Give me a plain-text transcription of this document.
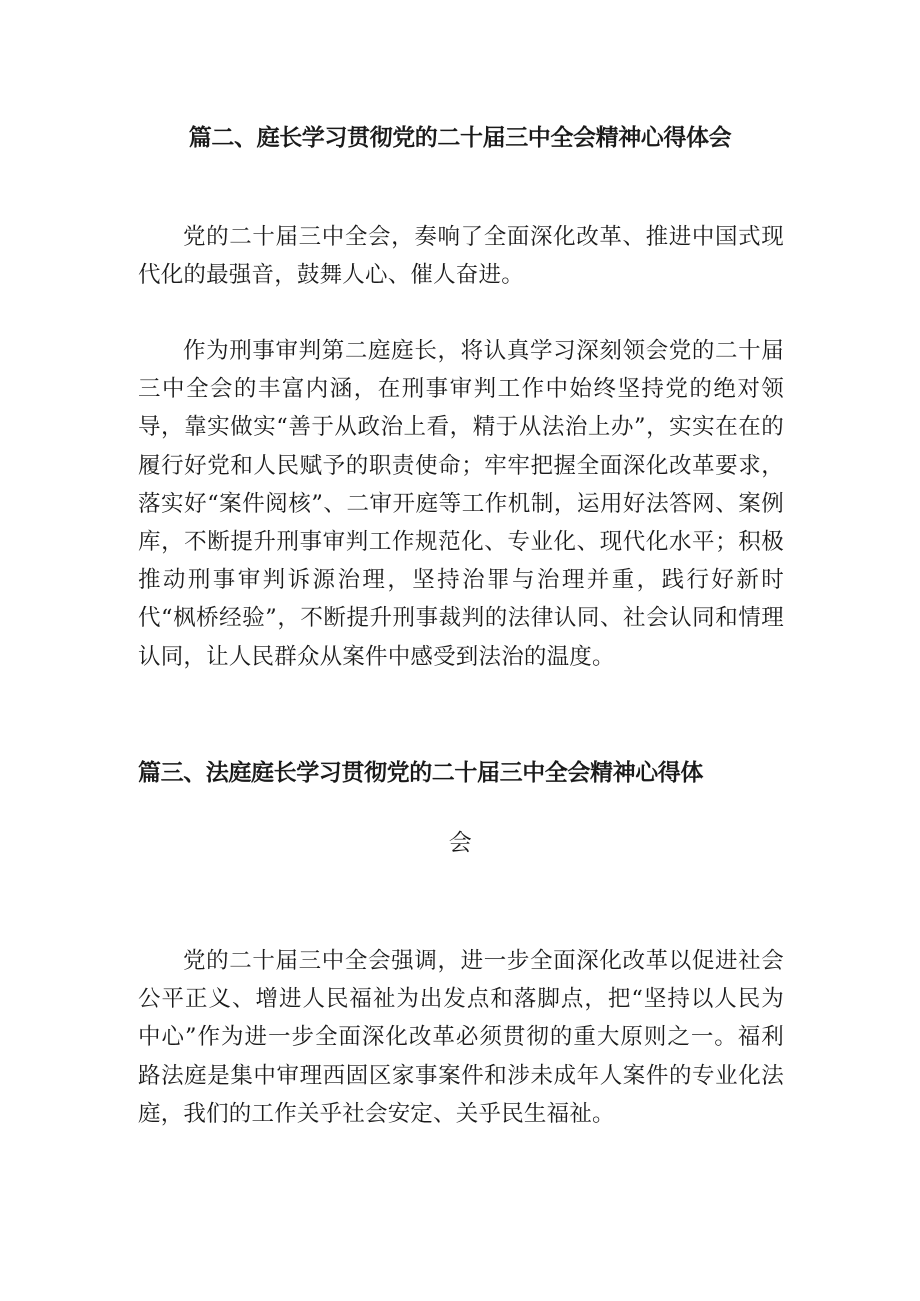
篇二、庭长学习贯彻党的二十届三中全会精神心得体会

党的二十届三中全会，奏响了全面深化改革、推进中国式现代化的最强音，鼓舞人心、催人奋进。

作为刑事审判第二庭庭长，将认真学习深刻领会党的二十届三中全会的丰富内涵，在刑事审判工作中始终坚持党的绝对领导，靠实做实“善于从政治上看，精于从法治上办”，实实在在的履行好党和人民赋予的职责使命；牢牢把握全面深化改革要求，落实好“案件阅核”、二审开庭等工作机制，运用好法答网、案例库，不断提升刑事审判工作规范化、专业化、现代化水平；积极推动刑事审判诉源治理，坚持治罪与治理并重，践行好新时代“枫桥经验”，不断提升刑事裁判的法律认同、社会认同和情理认同，让人民群众从案件中感受到法治的温度。

篇三、法庭庭长学习贯彻党的二十届三中全会精神心得体
会

党的二十届三中全会强调，进一步全面深化改革以促进社会公平正义、增进人民福祉为出发点和落脚点，把“坚持以人民为中心”作为进一步全面深化改革必须贯彻的重大原则之一。福利路法庭是集中审理西固区家事案件和涉未成年人案件的专业化法庭，我们的工作关乎社会安定、关乎民生福祉。
